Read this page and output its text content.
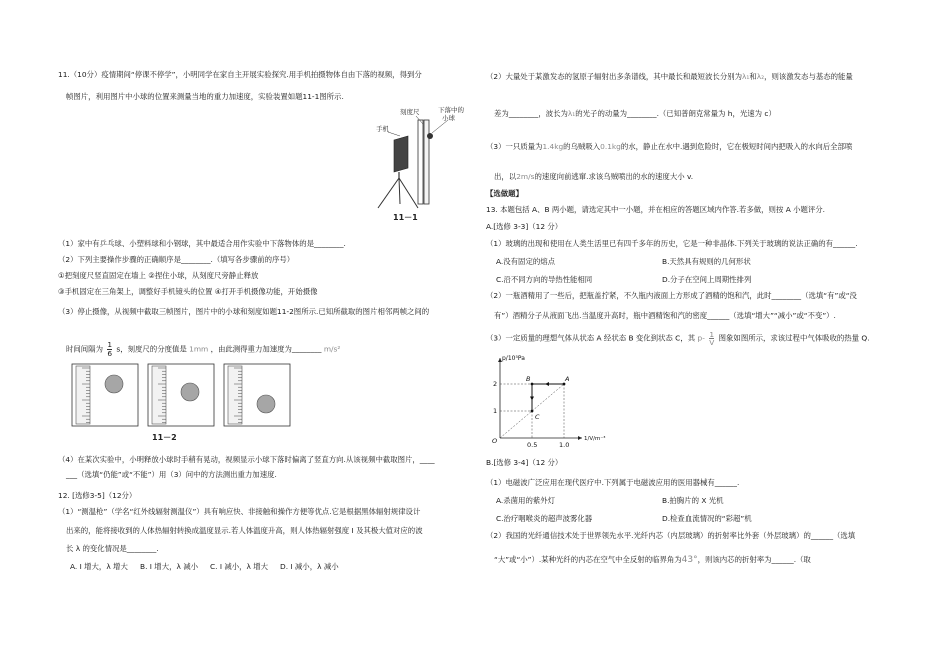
11.（10分）疫情期间“停课不停学”，小明同学在家自主开展实验探究.用手机拍摄物体自由下落的视频，得到分
帧图片，利用图片中小球的位置来测量当地的重力加速度，实验装置如题11-1图所示.
刻度尺	下落中的
小球
手机
11－1
（1）家中有乒乓球、小塑料球和小钢球，其中最适合用作实验中下落物体的是________.
（2）下列主要操作步骤的正确顺序是________.（填写各步骤前的序号）
①把刻度尺竖直固定在墙上 ②捏住小球，从刻度尺旁静止释放
③手机固定在三角架上，调整好手机镜头的位置 ④打开手机摄像功能，开始摄像
（3）停止摄像，从视频中截取三帧图片，图片中的小球和刻度如题11-2图所示.已知所截取的图片相邻两帧之间的
时间间隔为 $\frac{1}{6}$ s，刻度尺的分度值是 1mm ，由此测得重力加速度为________ m/s²
11－2
（4）在某次实验中，小明释放小球时手稍有晃动，视频显示小球下落时偏离了竖直方向.从该视频中截取图片，____
___（选填“仍能”或“不能”）用（3）问中的方法测出重力加速度.
12. [选修3-5]（12分）
（1）“测温枪”（学名“红外线辐射测温仪”）具有响应快、非接触和操作方便等优点.它是根据黑体辐射规律设计
出来的，能将接收到的人体热辐射转换成温度显示.若人体温度升高，则人体热辐射强度 I 及其极大值对应的波
长 λ 的变化情况是________.
A. I 增大，λ 增大 B. I 增大，λ 减小 C. I 减小，λ 增大 D. I 减小，λ 减小
（2）大量处于某激发态的氢原子辐射出多条谱线，其中最长和最短波长分别为λ₁和λ₂，则该激发态与基态的能量
差为________，波长为λ₁的光子的动量为________.（已知普朗克常量为 h，光速为 c）
（3）一只质量为1.4kg的乌贼吸入0.1kg的水，静止在水中.遇到危险时，它在极短时间内把吸入的水向后全部喷
出，以2m/s的速度向前逃窜.求该乌贼喷出的水的速度大小 v.
【选做题】
13. 本题包括 A、B 两小题，请选定其中一小题，并在相应的答题区域内作答.若多做，则按 A 小题评分.
A.[选修 3-3]（12 分）
（1）玻璃的出现和使用在人类生活里已有四千多年的历史，它是一种非晶体.下列关于玻璃的说法正确的有______.
A.没有固定的熔点	B.天然具有规则的几何形状
C.沿不同方向的导热性能相同	D.分子在空间上周期性排列
（2）一瓶酒精用了一些后，把瓶盖拧紧，不久瓶内液面上方形成了酒精的饱和汽，此时________（选填“有”或“没
有”）酒精分子从液面飞出.当温度升高时，瓶中酒精饱和汽的密度______（选填“增大”“减小”或“不变”）.
（3）一定质量的理想气体从状态 A 经状态 B 变化到状态 C，其 $p- \frac{1}{V}$ 图象如图所示，求该过程中气体吸收的热量 Q.
A
B
C
p/10⁵Pa
1/V/m⁻³
2
1
0.5	1.0
O
B.[选修 3-4]（12 分）
（1）电磁波广泛应用在现代医疗中.下列属于电磁波应用的医用器械有______.
A.杀菌用的紫外灯	B.拍胸片的 X 光机
C.治疗咽喉炎的超声波雾化器	D.检查血流情况的“彩超”机
（2）我国的光纤通信技术处于世界领先水平.光纤内芯（内层玻璃）的折射率比外套（外层玻璃）的______（选填
“大”或“小”）.某种光纤的内芯在空气中全反射的临界角为43°，则该内芯的折射率为______.（取
